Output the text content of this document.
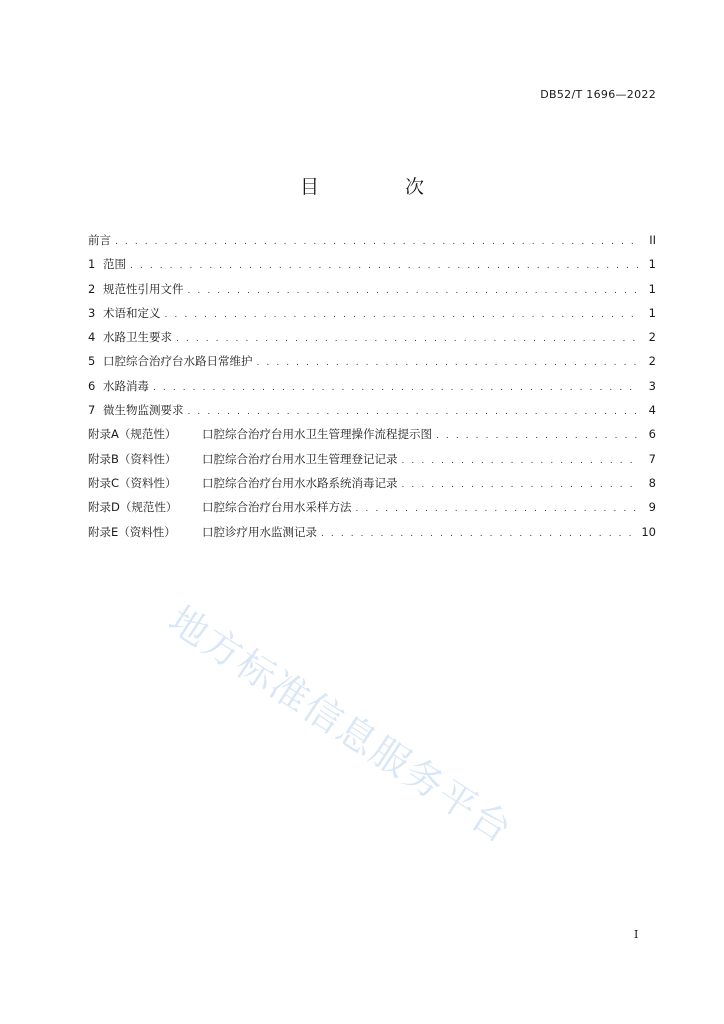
DB52/T 1696—2022
目 次
前言 . . .	II
1 范围 . . .	1
2 规范性引用文件 . . .	1
3 术语和定义 . . .	1
4 水路卫生要求 . . .	2
5 口腔综合治疗台水路日常维护 . . .	2
6 水路消毒 . . .	3
7 微生物监测要求 . . .	4
附录A（规范性）	口腔综合治疗台用水卫生管理操作流程提示图 . . .	6
附录B（资料性）	口腔综合治疗台用水卫生管理登记记录 . . .	7
附录C（资料性）	口腔综合治疗台用水水路系统消毒记录 . . .	8
附录D（规范性）	口腔综合治疗台用水采样方法 . . .	9
附录E（资料性）	口腔诊疗用水监测记录 . . .	10
地方标准信息服务平台
I
